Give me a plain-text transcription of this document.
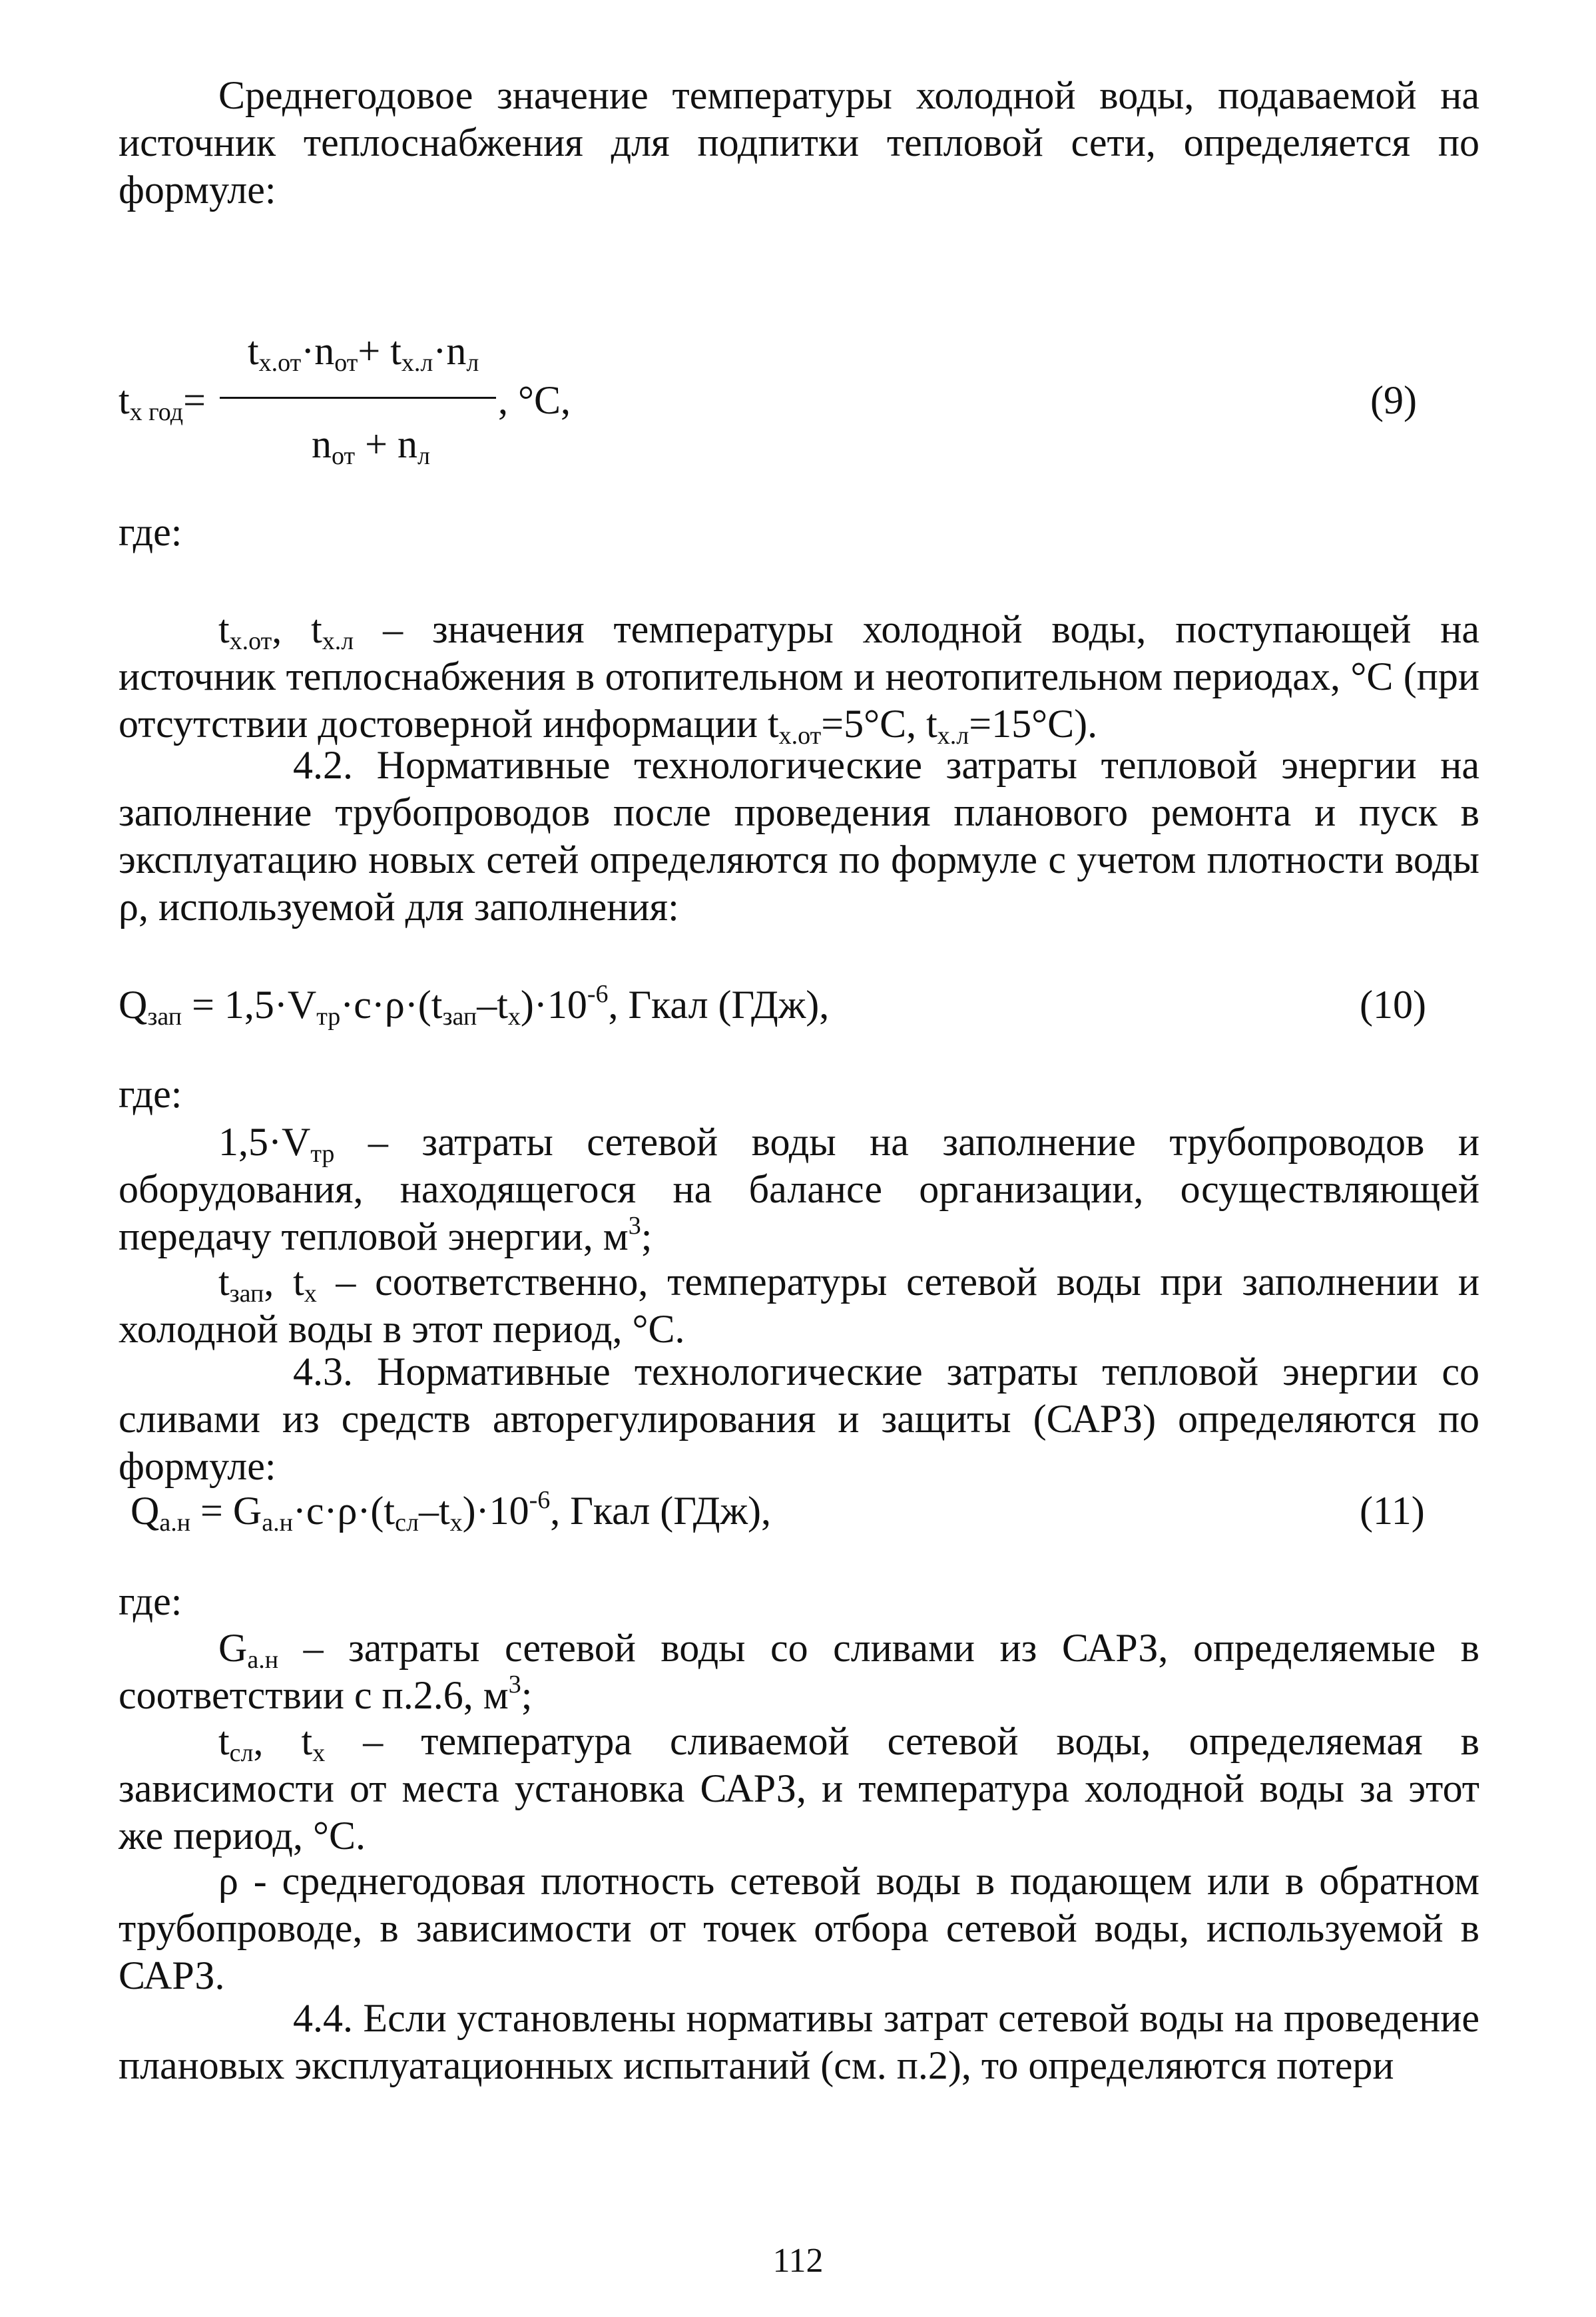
Среднегодовое значение температуры холодной воды, подаваемой на источник теплоснабжения для подпитки тепловой сети, определяется по формуле:
$t_{х.от}\cdot n_{от}+ t_{х.л}\cdot n_л$
$t_{х год}=$	, °С,	(9)
$n_{от} + n_л$
где:
$t_{х.от}$, $t_{х.л}$ – значения температуры холодной воды, поступающей на источник теплоснабжения в отопительном и неотопительном периодах, °С (при отсутствии достоверной информации $t_{х.от}=5^\circ С$, $t_{х.л}=15^\circ С$).
4.2. Нормативные технологические затраты тепловой энергии на заполнение трубопроводов после проведения планового ремонта и пуск в эксплуатацию новых сетей определяются по формуле с учетом плотности воды ρ, используемой для заполнения:
$Q_{зап} = 1,5\cdot V_{тр}\cdot c\cdot\rho\cdot(t_{зап}-t_х)\cdot 10^{-6}$, Гкал (ГДж),	(10)
где:
$1,5\cdot V_{тр}$ – затраты сетевой воды на заполнение трубопроводов и оборудования, находящегося на балансе организации, осуществляющей передачу тепловой энергии, $м^3$;
$t_{зап}$, $t_х$ – соответственно, температуры сетевой воды при заполнении и холодной воды в этот период, °С.
4.3. Нормативные технологические затраты тепловой энергии со сливами из средств авторегулирования и защиты (САРЗ) определяются по формуле:
$Q_{а.н} = G_{а.н}\cdot c\cdot\rho\cdot(t_{сл}-t_х)\cdot 10^{-6}$, Гкал (ГДж),	(11)
где:
$G_{а.н}$ – затраты сетевой воды со сливами из САРЗ, определяемые в соответствии с п.2.6, $м^3$;
$t_{сл}$, $t_х$ – температура сливаемой сетевой воды, определяемая в зависимости от места установка САРЗ, и температура холодной воды за этот же период, °С.
ρ - среднегодовая плотность сетевой воды в подающем или в обратном трубопроводе, в зависимости от точек отбора сетевой воды, используемой в САРЗ.
4.4. Если установлены нормативы затрат сетевой воды на проведение плановых эксплуатационных испытаний (см. п.2), то определяются потери
112
